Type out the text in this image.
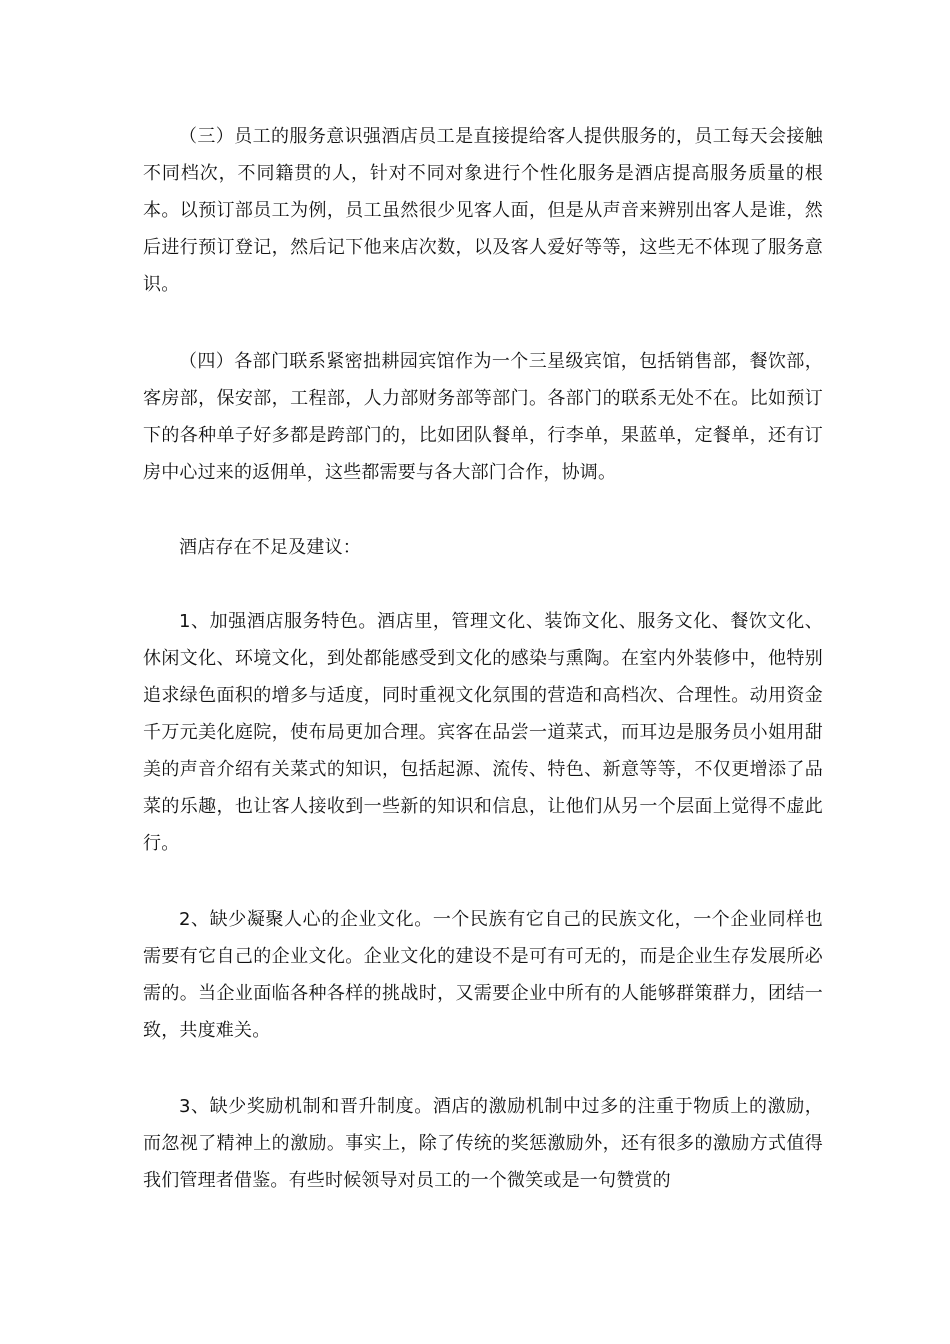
（三）员工的服务意识强酒店员工是直接提给客人提供服务的，员工每天会接触不同档次，不同籍贯的人，针对不同对象进行个性化服务是酒店提高服务质量的根本。以预订部员工为例，员工虽然很少见客人面，但是从声音来辨别出客人是谁，然后进行预订登记，然后记下他来店次数，以及客人爱好等等，这些无不体现了服务意识。

（四）各部门联系紧密拙耕园宾馆作为一个三星级宾馆，包括销售部，餐饮部，客房部，保安部，工程部，人力部财务部等部门。各部门的联系无处不在。比如预订下的各种单子好多都是跨部门的，比如团队餐单，行李单，果蓝单，定餐单，还有订房中心过来的返佣单，这些都需要与各大部门合作，协调。

酒店存在不足及建议：

1、加强酒店服务特色。酒店里，管理文化、装饰文化、服务文化、餐饮文化、休闲文化、环境文化，到处都能感受到文化的感染与熏陶。在室内外装修中，他特别追求绿色面积的增多与适度，同时重视文化氛围的营造和高档次、合理性。动用资金千万元美化庭院，使布局更加合理。宾客在品尝一道菜式，而耳边是服务员小姐用甜美的声音介绍有关菜式的知识，包括起源、流传、特色、新意等等，不仅更增添了品菜的乐趣，也让客人接收到一些新的知识和信息，让他们从另一个层面上觉得不虚此行。

2、缺少凝聚人心的企业文化。一个民族有它自己的民族文化，一个企业同样也需要有它自己的企业文化。企业文化的建设不是可有可无的，而是企业生存发展所必需的。当企业面临各种各样的挑战时，又需要企业中所有的人能够群策群力，团结一致，共度难关。

3、缺少奖励机制和晋升制度。酒店的激励机制中过多的注重于物质上的激励，而忽视了精神上的激励。事实上，除了传统的奖惩激励外，还有很多的激励方式值得我们管理者借鉴。有些时候领导对员工的一个微笑或是一句赞赏的
